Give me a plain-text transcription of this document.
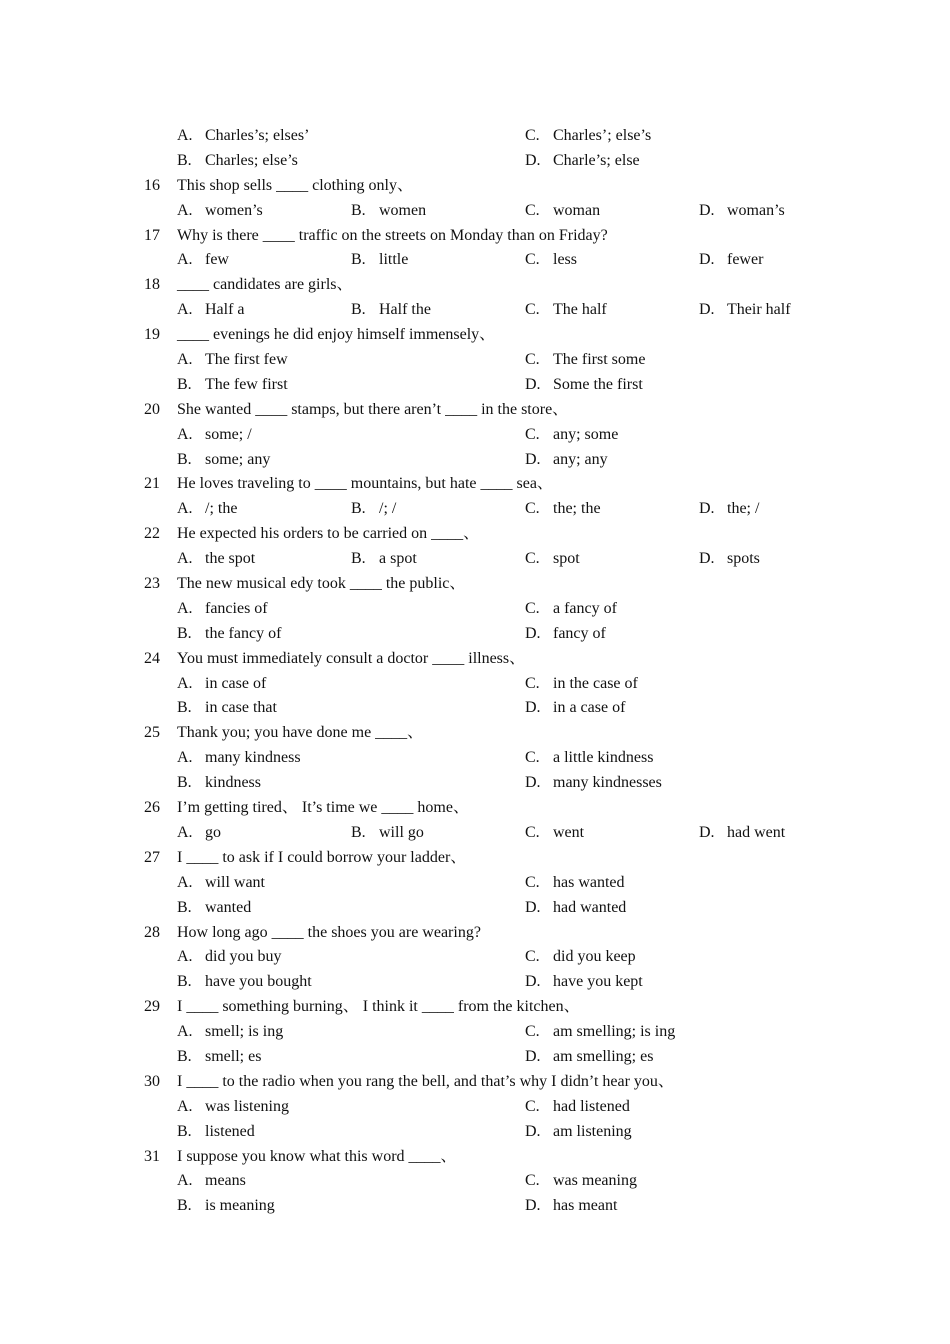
A. Charles’s; elses’	C. Charles’; else’s
B. Charles; else’s	D. Charle’s; else
16 This shop sells ____ clothing only、
A. women’s	B. women	C. woman	D. woman’s
17 Why is there ____ traffic on the streets on Monday than on Friday?
A. few	B. little	C. less	D. fewer
18 ____ candidates are girls、
A. Half a	B. Half the	C. The half	D. Their half
19 ____ evenings he did enjoy himself immensely、
A. The first few	C. The first some
B. The few first	D. Some the first
20 She wanted ____ stamps, but there aren’t ____ in the store、
A. some; /	C. any; some
B. some; any	D. any; any
21 He loves traveling to ____ mountains, but hate ____ sea、
A. /; the	B. /; /	C. the; the	D. the; /
22 He expected his orders to be carried on ____、
A. the spot	B. a spot	C. spot	D. spots
23 The new musical edy took ____ the public、
A. fancies of	C. a fancy of
B. the fancy of	D. fancy of
24 You must immediately consult a doctor ____ illness、
A. in case of	C. in the case of
B. in case that	D. in a case of
25 Thank you; you have done me ____、
A. many kindness	C. a little kindness
B. kindness	D. many kindnesses
26 I’m getting tired、 It’s time we ____ home、
A. go	B. will go	C. went	D. had went
27 I ____ to ask if I could borrow your ladder、
A. will want	C. has wanted
B. wanted	D. had wanted
28 How long ago ____ the shoes you are wearing?
A. did you buy	C. did you keep
B. have you bought	D. have you kept
29 I ____ something burning、 I think it ____ from the kitchen、
A. smell; is ing	C. am smelling; is ing
B. smell; es	D. am smelling; es
30 I ____ to the radio when you rang the bell, and that’s why I didn’t hear you、
A. was listening	C. had listened
B. listened	D. am listening
31 I suppose you know what this word ____、
A. means	C. was meaning
B. is meaning	D. has meant
